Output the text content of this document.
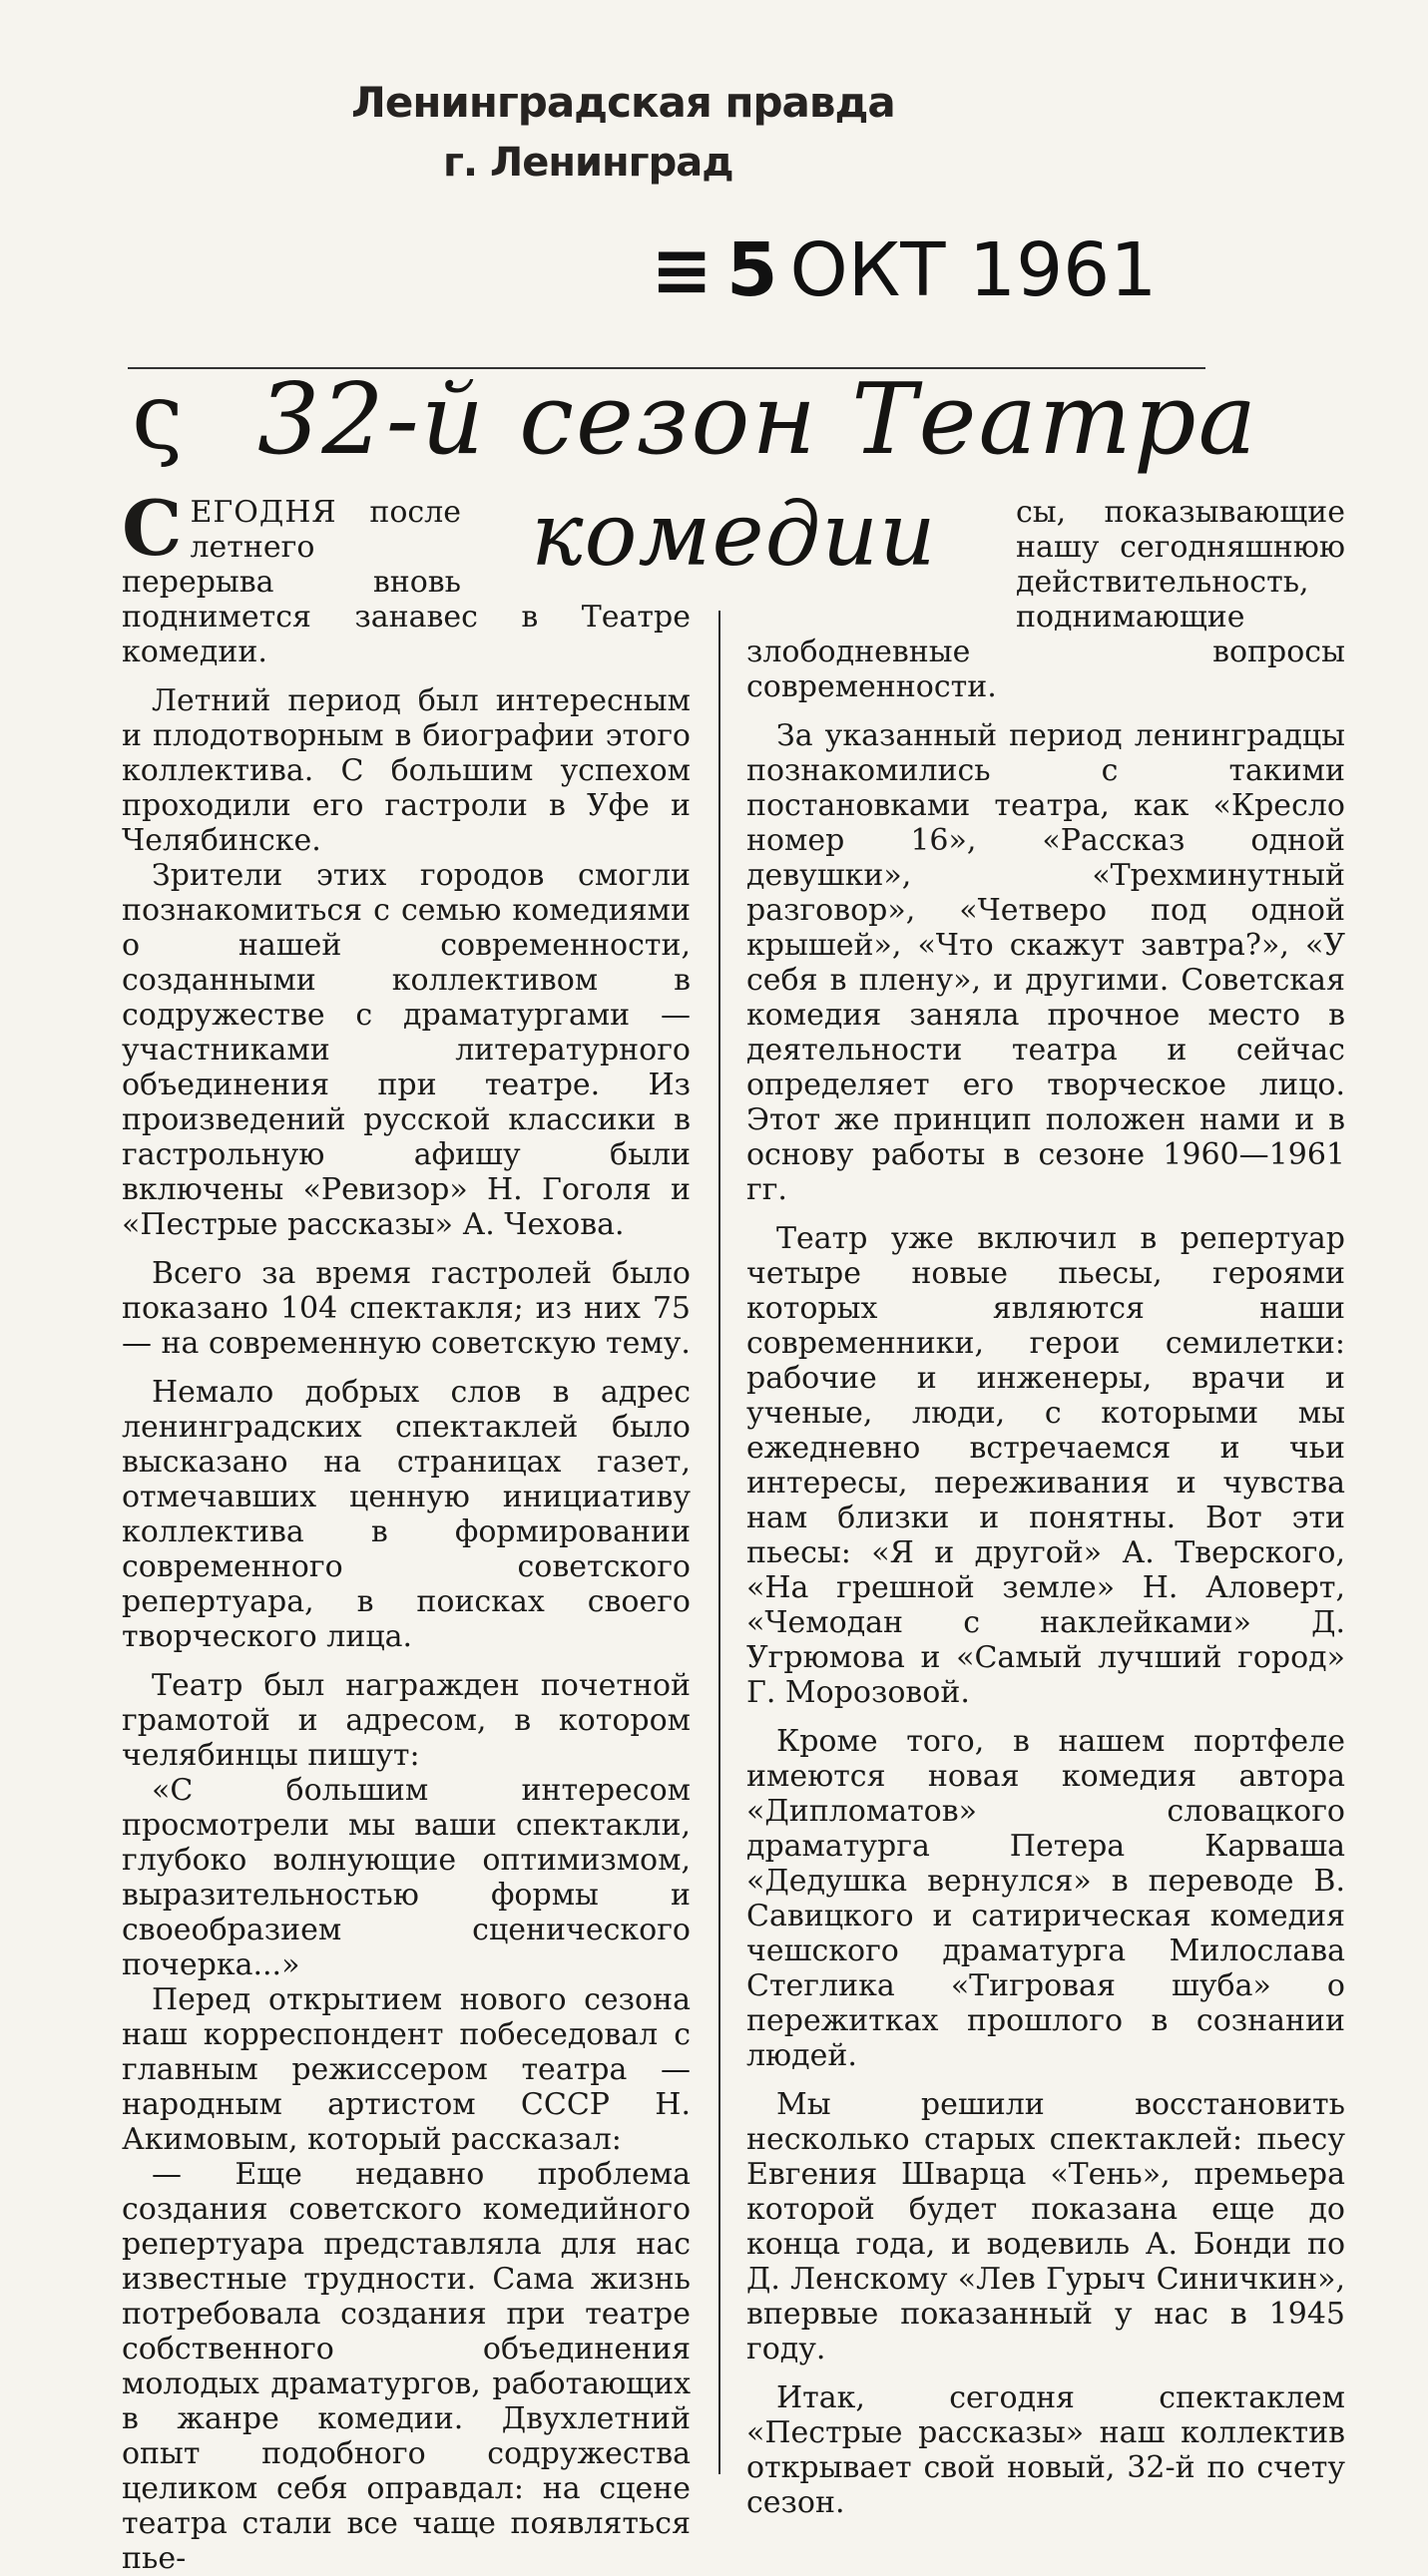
Ленинградская правда
г. Ленинград
≡ 5 ОКТ 1961
ς 32-й сезон Театра
комедии

СЕГОДНЯ после летнего перерыва вновь поднимется занавес в Театре комедии.

Летний период был интересным и плодотворным в биографии этого коллектива. С большим успехом проходили его гастроли в Уфе и Челябинске.

Зрители этих городов смогли познакомиться с семью комедиями о нашей современности, созданными коллективом в содружестве с драматургами — участниками литературного объединения при театре. Из произведений русской классики в гастрольную афишу были включены «Ревизор» Н. Гоголя и «Пестрые рассказы» А. Чехова.

Всего за время гастролей было показано 104 спектакля; из них 75 — на современную советскую тему.

Немало добрых слов в адрес ленинградских спектаклей было высказано на страницах газет, отмечавших ценную инициативу коллектива в формировании современного советского репертуара, в поисках своего творческого лица.

Театр был награжден почетной грамотой и адресом, в котором челябинцы пишут:

«С большим интересом просмотрели мы ваши спектакли, глубоко волнующие оптимизмом, выразительностью формы и своеобразием сценического почерка...»

Перед открытием нового сезона наш корреспондент побеседовал с главным режиссером театра — народным артистом СССР Н. Акимовым, который рассказал:

— Еще недавно проблема создания советского комедийного репертуара представляла для нас известные трудности. Сама жизнь потребовала создания при театре собственного объединения молодых драматургов, работающих в жанре комедии. Двухлетний опыт подобного содружества целиком себя оправдал: на сцене театра стали все чаще появляться пье-

сы, показывающие нашу сегодняшнюю действительность, поднимающие злободневные вопросы современности.

За указанный период ленинградцы познакомились с такими постановками театра, как «Кресло номер 16», «Рассказ одной девушки», «Трехминутный разговор», «Четверо под одной крышей», «Что скажут завтра?», «У себя в плену», и другими. Советская комедия заняла прочное место в деятельности театра и сейчас определяет его творческое лицо. Этот же принцип положен нами и в основу работы в сезоне 1960—1961 гг.

Театр уже включил в репертуар четыре новые пьесы, героями которых являются наши современники, герои семилетки: рабочие и инженеры, врачи и ученые, люди, с которыми мы ежедневно встречаемся и чьи интересы, переживания и чувства нам близки и понятны. Вот эти пьесы: «Я и другой» А. Тверского, «На грешной земле» Н. Аловерт, «Чемодан с наклейками» Д. Угрюмова и «Самый лучший город» Г. Морозовой.

Кроме того, в нашем портфеле имеются новая комедия автора «Дипломатов» словацкого драматурга Петера Карваша «Дедушка вернулся» в переводе В. Савицкого и сатирическая комедия чешского драматурга Милослава Стеглика «Тигровая шуба» о пережитках прошлого в сознании людей.

Мы решили восстановить несколько старых спектаклей: пьесу Евгения Шварца «Тень», премьера которой будет показана еще до конца года, и водевиль А. Бонди по Д. Ленскому «Лев Гурыч Синичкин», впервые показанный у нас в 1945 году.

Итак, сегодня спектаклем «Пестрые рассказы» наш коллектив открывает свой новый, 32-й по счету сезон.
